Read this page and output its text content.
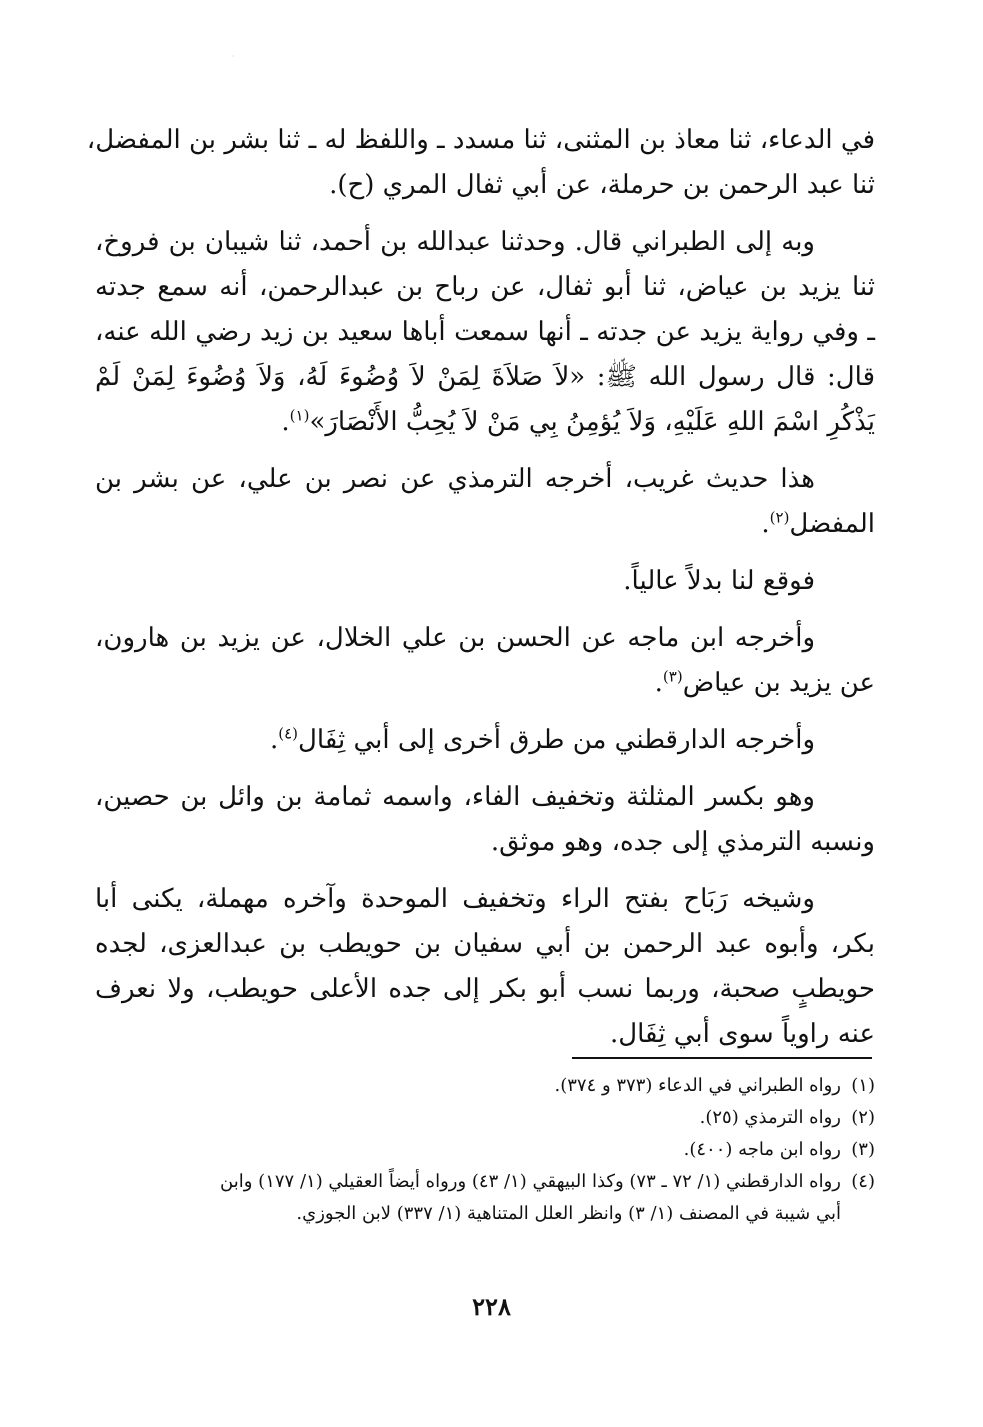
·
في الدعاء، ثنا معاذ بن المثنى، ثنا مسدد ـ واللفظ له ـ ثنا بشر بن المفضل،
ثنا عبد الرحمن بن حرملة، عن أبي ثفال المري (ح).
وبه إلى الطبراني قال. وحدثنا عبدالله بن أحمد، ثنا شيبان بن فروخ،
ثنا يزيد بن عياض، ثنا أبو ثفال، عن رباح بن عبدالرحمن، أنه سمع جدته
ـ وفي رواية يزيد عن جدته ـ أنها سمعت أباها سعيد بن زيد رضي الله عنه،
قال: قال رسول الله ﷺ: «لاَ صَلاَةَ لِمَنْ لاَ وُضُوءَ لَهُ، وَلاَ وُضُوءَ لِمَنْ لَمْ
يَذْكُرِ اسْمَ اللهِ عَلَيْهِ، وَلاَ يُؤمِنُ بِي مَنْ لاَ يُحِبُّ الأَنْصَارَ»$^{(١)}$.
هذا حديث غريب، أخرجه الترمذي عن نصر بن علي، عن بشر بن
المفضل$^{(٢)}$.
فوقع لنا بدلاً عالياً.
وأخرجه ابن ماجه عن الحسن بن علي الخلال، عن يزيد بن هارون،
عن يزيد بن عياض$^{(٣)}$.
وأخرجه الدارقطني من طرق أخرى إلى أبي ثِفَال$^{(٤)}$.
وهو بكسر المثلثة وتخفيف الفاء، واسمه ثمامة بن وائل بن حصين،
ونسبه الترمذي إلى جده، وهو موثق.
وشيخه رَبَاح بفتح الراء وتخفيف الموحدة وآخره مهملة، يكنى أبا
بكر، وأبوه عبد الرحمن بن أبي سفيان بن حويطب بن عبدالعزى، لجده
حويطبٍ صحبة، وربما نسب أبو بكر إلى جده الأعلى حويطب، ولا نعرف
عنه راوياً سوى أبي ثِفَال.
(١)رواه الطبراني في الدعاء (٣٧٣ و ٣٧٤).
(٢)رواه الترمذي (٢٥).
(٣)رواه ابن ماجه (٤٠٠).
(٤)رواه الدارقطني (١/ ٧٢ ـ ٧٣) وكذا البيهقي (١/ ٤٣) ورواه أيضاً العقيلي (١/ ١٧٧) وابن
أبي شيبة في المصنف (١/ ٣) وانظر العلل المتناهية (١/ ٣٣٧) لابن الجوزي.
٢٢٨
